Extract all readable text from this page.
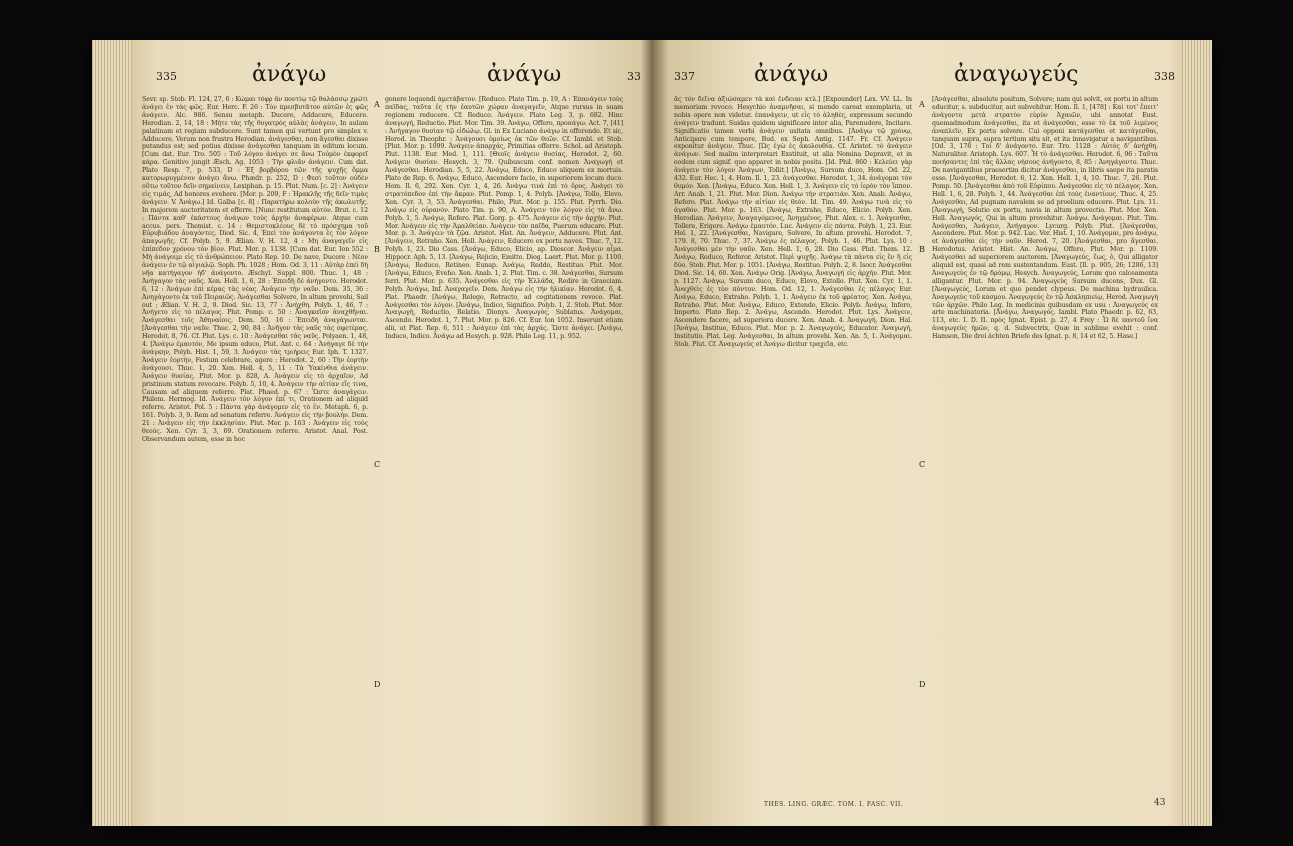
335	ἀνάγω	ἀνάγω	33
Sevr. sp. Stob. Fl. 124, 27, 6 : Κώμαι τόφρ ἂν ποντίῳ τῷ θαλάσσῳ χρώτι ἀνάγει ἐν τὰς φῶς. Eur. Herc. F. 26 : Τὸν πρεσβυτᾶτον αὐτῶν ἐς φῶς ἀνάγειν. Alc. 986. Sensu metaph. Ducere, Adducere, Educere. Herodian. 2, 14, 18 : Μήτε τὰς τῆς θυγατρὸς αὐλὰς ἀνάγειν, In aulam palatinam et regiam subducere. Sunt tamen qui vertunt pro simplex v. Adducere. Verum non frustra Herodian. ἀνάγεσθαι, non ἄγεσθαι dixisse putandus est; sed potius dixisse ἀνάγεσθαι tanquam in editum locum. [Cum dat. Eur. Tro. 505 : Τοῦ λόγου ἀνάγει σε ἄνω Τοὐμὸν ἐκφορεῖ κάρα. Genitivo jungit Æsch. Ag. 1053 : Τὴν φλιᾶν ἀνάγειν. Cum dat. Plato Resp. 7, p. 533, D : Ἐξ βορβόρου τῶν τῆς ψυχῆς ὄμμα κατορωρυγμένον ἀνάγει ἄνω. Phædr. p. 252, D : Φεσὶ τοῦτον οὐδὲν οὕτω τοῦτον δεῖν σημαίνειν, Lexiphan. p. 15. Plut. Num. [c. 2] : Ἀνάγειν εἰς τιμάς, Ad honores evehere. [Mor. p. 209, F : Ἡρακλῆς τῆς δεῖν τιμὰς ἀνάγειν. V. Ἀνάγω.] Id. Galba [c. 8] : Παρατήρω κολούν τῆς ἀκωλυτῆς. In majorem auctoritatem et efferre. [Nunc restitutum αὐτὸν. Brut. c. 12 : Πάντα καθ' ἑκάστους ἀνάγων τοὺς ἀρχὴν ἀναφέρων. Atque cum accus. pers. Themist. c. 14 : Θεμιστοκλέους δὲ τὸ πρόσχημα τοῦ Εὐρυβιάδου ἀναγόντες. Diod. Sic. 4, Ἐπεὶ τὸν ἀνάγοντα ἐς τὸν λόγον ἀπαγωγῆς. Cf. Polyb. 5, 9. Ælian. V. H. 12, 4 : Μη ἀναγαγεῖν εἰς ἐπίπεδον χρόνου τὸν βίον. Plut. Mor. p. 1138. [Cum dat. Eur. Ion 552 : Μὴ ἀνάγοιμι εἰς τὸ ἀνθρώπειον. Plato Rep. 10. De nave, Ducere : Νέον ἀνάγειν ἐν τῷ αἰγιαλῷ. Soph. Ph. 1028 ; Hom. Od. 3, 11 : Αὐτὰρ ἐπεὶ δὴ νῆα κατήγαγον ἠδ' ἀνάγοντο. Æschyl. Suppl. 800. Thuc. 1, 48 : Ἀνήγαγον τὰς ναῦς. Xen. Hell. 1, 6, 28 : Ἐπειδὴ δὲ ἀνήγοντο. Herodot. 6, 12 : Ἀνάγων ἐπὶ κέρας τὰς νέας. Ἀνάγειν τὴν ναῦν. Dem. 35, 36 : Ἀνηγάγοντο ἐκ τοῦ Πειραιῶς. Ἀνάγεσθαι Solvere, In altum provehi, Sail out ; Ælian. V. H. 2, 9. Diod. Sic. 13, 77 : Ἀνήχθη. Polyb. 1, 46, 7 : Ἀνήγετο εἰς τὸ πέλαγος. Plut. Pomp. c. 50 : Ἀναγκαῖον ἀναχθῆναι. Ἀνάγεσθαι τοῖς Ἀθηναίοις. Dem. 50, 16 : Ἐπειδὴ ἀναγάγωνται. [Ἀνάγεσθαι τὴν ναῦν. Thuc. 2, 90, 84 : Ἀνῆγον τὰς ναῦς τὰς σφετέρας. Herodot. 8, 76. Cf. Plut. Lys. c. 10 : Ἀνάγεσθαι τὰς ναῦς. Polyaen. 1, 48, 4. [Ἀνάγω ἐμαυτόν, Me ipsum educo, Plut. Ant. c. 64 : Ἀνήγαγε δὲ τὴν ἀνάγκην, Polyb. Hist. 1, 59, 3. Ἀνάγειν τὰς τριήρεις Eur. Iph. T. 1327. Ἀνάγειν ἑορτήν, Festum celebrare, agere : Herodot. 2, 60 : Τὴν ἑορτὴν ἀνάγουσι. Thuc. 1, 20. Xen. Hell. 4, 5, 11 : Τὰ Ὑακίνθια ἀνάγειν. Ἀνάγειν θυσίας. Plut. Mor. p. 828, A. Ἀνάγειν εἰς τὸ ἀρχαῖον, Ad pristinum statum revocare. Polyb. 5, 10, 4. Ἀνάγειν τὴν αἰτίαν εἴς τινα, Causam ad aliquem referre. Plat. Phaed. p. 67 : Ὥστε ἀναγάγειν. Philem. Hermog. Id. Ἀνάγειν τὸν λόγον ἐπί τι, Orationem ad aliquid referre. Aristot. Pol. 5 : Πάντα γὰρ ἀνάγομεν εἰς τὸ ἓν. Metaph. 6, p. 161. Polyb. 3, 9. Rem ad senatum referre. Ἀνάγειν εἰς τὴν βουλήν. Dem. 21 : Ἀνάγειν εἰς τὴν ἐκκλησίαν. Plut. Mor. p. 163 : Ἀνάγειν εἰς τοὺς θεούς. Xen. Cyr. 3, 3, 69. Orationem referre. Aristot. Anal. Post. Observandum autem, esse in hoc
A
B
C
D
genere loquendi ἀμετάβατον. [Reduco. Plato Tim. p. 19, A : Ἐπανάγειν τοὺς παῖδας, ταῦτα ἐς τὴν ἑαυτῶν χώραν ἀναγαγεῖν, Atque rursus in suam regionem reducere. Cf. Reduco. Ἀνάγειν. Plato Leg. 3, p. 682. Hinc ἀναγωγή, Reductio. Plut. Mor. Tim. 39. Ἀνάγω, Offero, προσάγω. Act. 7, [41] : Ἀνήγαγον θυσίαν τῷ εἰδώλῳ. Gl. in Ex Luciano ἀνάγω in offerendo. Et sic, Herod. in Theophr. : Ἀνάγουσι ὁμοίως ὁκ τῶν θεῶν. Cf. Iambl. et Stob. [Plut. Mor. p. 1099. Ἀνάγειν ἀπαρχάς, Primitias offerre. Schol. ad Aristoph. Plut. 1138. Eur. Med. 1, 111. [Θεοῖς ἀνάγειν θυσίας, Herodot. 2, 60. Ἀνάγειν θυσίαν. Hesych. 3, 79. Quibuscum conf. nomen Ἀναγωγή et Ἀνάγεσθαι. Herodian. 5, 5, 22. Ἀνάγω, Educo, Educo aliquem ex mortuis. Plato de Rep. 6. Ἀνάγω, Educo, Ascendere facio, in superiorem locum duco. Hom. Il. 6, 292. Xen. Cyr. 1, 4, 26. Ἀνάγω τινὰ ἐπὶ τὸ ὄρος. Ἀνάγει τὸ στρατόπεδον ἐπὶ τὴν ἄκραν. Plut. Pomp. 1, 4. Polyb. [Ἀνάγω, Tollo, Elevo. Xen. Cyr. 3, 3, 53. Ἀνάγεσθαι. Philo, Plut. Mor. p. 155. Plut. Pyrrh. Dio. Ἀνάγω εἰς οὐρανόν. Plato Tim. p. 90, A. Ἀνάγειν τὸν λόγον εἰς τὰ ἄνω. Polyb. 1, 5. Ἀνάγω, Refero. Plat. Gorg. p. 475. Ἀνάγειν εἰς τὴν ἀρχήν. Plut. Mor. Ἀνάγειν εἰς τὴν Ἀμαλθείαν. Ἀνάγειν τὸν παῖδα, Puerum educare. Plut. Mor. p. 3. Ἀνάγειν τὰ ζῷα. Aristot. Hist. An. Ἀνάγειν, Adducere. Plut. Ant. [Ἀνάγειν, Retraho. Xen. Hell. Ἀνάγειν, Educere ex portu naves. Thuc. 7, 12. Polyb. 1, 23. Dio Cass. [Ἀνάγω, Educo, Elicio, ap. Dioscor. Ἀνάγειν αἷμα. Hippocr. Aph. 5, 13. [Ἀνάγω, Rejicio, Emitto. Diog. Laert. Plut. Mor. p. 1100. [Ἀνάγω, Reduco, Retineo. Eunap. Ἀνάγω, Reddo, Restituo. Plut. Mor. [Ἀνάγω, Educo, Eveho. Xen. Anab. 1, 2. Plut. Tim. c. 38. Ἀνάγεσθαι, Sursum ferri. Plut. Mor. p. 635. Ἀνάγεσθαι εἰς τὴν Ἑλλάδα, Redire in Graeciam. Polyb. Ἀνάγω, Inf. Ἀναγαγεῖν. Dem. Ἀνάγω εἰς τὴν ἡλικίαν. Herodot. 6, 4. Plat. Phaedr. [Ἀνάγω, Relego, Retracto, ad cogitationem revoco. Plat. Ἀνάγεσθαι τὸν λόγον. [Ἀνάγω, Indico, Significo. Polyb. 1, 2. Stob. Plut. Mor. Ἀναγωγή, Reductio, Relatio. Dionys. Ἀναγωγὸς, Sublatus. Ἀνάγομαι, Ascendo. Herodot. 1, 7. Plut. Mor. p. 826. Cf. Eur. Ion 1052. Inserunt etiam alii, ut Plat. Rep. 6, 511 : Ἀνάγειν ἐπὶ τὰς ἀρχάς. Ὥστε ἀνάγει. [Ἀνάγω, Induco, Indico. Ἀνάγω ad Hesych. p. 928. Philo Leg. 11, p. 952.
337	ἀνάγω	ἀναγωγεύς	338
ἃς τὸν δεῖνα ἀξιώσαμεν τὰ καὶ ἔνδειαν κτλ.] [Expounder] Lex. VV. LL. In memoriam revoco. Hesychio ἀναμνῆσαι, si mendo careat exemplaria, ut nobis opere non videtur. ἐπανάγειν, ut εἰς τὸ ἀληθὲς, expressum secundo ἀνάγειν tradunt. Suidas quidem significare inter alia, Parenudere, Incitare. Significatio tamen verbi ἀνάγειν usitata omnibus. [Ἀνάγω τῷ χρόνῳ, Anticipare cum tempore, Bud. ex Soph. Antig. 1147. Fr. Cf. Ἀνάγειν exponitur ἀνάγειν. Thuc. [Ὡς ἐγὼ ἐς ἀκολουθία. Cf. Aristot. τὸ ἀνάγειν ἀνάγων. Sed malim interpretari Exstituit, ut alia Nomina Depravit, et in eodem cum signif. quo apparet in nobis posita. [Id. Phil. 860 : Κελεύει γὰρ ἀνάγειν τὸν λόγον Ἀνάγων, Tollit.] [Ἀνάγω, Sursum duco, Hom. Od. 22, 432. Eur. Hec. 1, 4. Hom. Il. 1, 23. ἀνάγεσθαι. Herodot. 1, 34. ἀνάγομαι τὸν θυμόν. Xen. [Ἀνάγω, Educo. Xen. Hell. 1, 3. Ἀνάγειν εἰς τὸ ἱερὸν τὸν ἵππον. Arr. Anab. 1, 21. Plut. Mor. Dion. Ἀνάγω τὴν στρατιάν. Xen. Anab. Ἀνάγω, Refero. Plat. Ἀνάγω τὴν αἰτίαν εἰς θεόν. Id. Tim. 49. Ἀνάγω τινὰ εἰς τὸ ἀγαθόν. Plut. Mor. p. 163. [Ἀνάγω, Extraho, Educo, Elicio. Polyb. Xen. Herodian. Ἀνάγειν, Ἀναγαγόμενος, Ἀνηγμένος. Plut. Alex. c. 1. Ἀνάγεσθαι, Tollere, Erigere. Ἀνάγω ἐμαυτόν. Luc. Ἀνάγειν εἰς πάντα. Polyb. 1, 23. Eur. Hel. 1, 22. [Ἀνάγεσθαι, Navigare, Solvere, In altum provehi. Herodot. 7, 179. 8, 70. Thuc. 7, 37. Ἀνάγω ἐς πέλαγος. Polyb. 1, 46. Plut. Lys. 10 : Ἀνάγεσθαι μὲν τὴν ναῦν. Xen. Hell. 1, 6, 28. Dio Cass. Plut. Them. 12. Ἀνάγω, Reduco, Referor. Aristot. Περὶ ψυχῆς. Ἀνάγω τὰ πάντα εἰς ἓν ἢ εἰς δύο. Stob. Plut. Mor. p. 1051. [Ἀνάγω, Restituo. Polyb. 2, 8. Isocr. Ἀνάγεσθαι Diod. Sic. 14, 60. Xen. Ἀνάγω Orig. [Ἀνάγω, Ἀναγωγή εἰς ἀρχήν. Plut. Mor. p. 1127. Ἀνάγω, Sursum duco, Educo, Elevo, Extollo. Plut. Xen. Cyr. 1, 1. Ἀναχθεὶς ἐς τὸν πόντον. Hom. Od. 12, 1. Ἀνάγεσθαι ἐς πέλαγος Eur. Ἀνάγω, Educo, Extraho. Polyb. 1, 1. Ἀνάγειν ἐκ τοῦ φρέατος. Xen. Ἀνάγω, Retraho. Plut. Mor. Ἀνάγω, Educo, Extendo, Elicio. Polyb. Ἀνάγω, Infero, Imperto. Plato Rep. 2. Ἀνάγω, Ascendo. Herodot. Plut. Lys. Ἀνάγειν, Ascendere facere, ad superiora ducere. Xen. Anab. 4. Ἀναγωγή. Dion. Hal. [Ἀνάγω, Instituo, Educo. Plut. Mor. p. 2. Ἀναγωγεύς, Educator. Ἀναγωγή, Institutio. Plat. Leg. Ἀνάγεσθαι, In altum provehi. Xen. An. 5, 1. Ἀνάγομαι. Stob. Plut. Cf. Ἀναγωγεύς et Ἀνάγω dicitur τραχεῖα, etc.
A
B
C
D
[Ἀνάγεσθαι, absolute positum, Solvere; nam qui solvit, ex portu in altum educitur, s. subducitur, aut subvehitur. Hom. Il. 1, [478] : Καὶ τοτ' ἔπειτ' ἀνάγοντο μετὰ στρατὸν εὐρὺν Ἀχαιῶν, ubi annotat Eust. quemadmodum ἀνάγεσθαι, ita et ἀνάγεσθαι, esse τὸ ἐκ τοῦ λιμένος ἀναπλεῖν, Ex portu solvere. Cui opponi κατάγεσθαι et κατάγεσθαι, tanquam supra, supra tertium situ sit, et ita innavigatur a navigantibus. [Od. 3, 178 : Τοὶ δ' ἀνάγοντο. Eur. Tro. 1128 : Αὐτὸς δ' ἀνήχθη. Naturaliter. Aristoph. Lys. 607. Ἦ τὸ ἀνάγεσθαι. Herodot. 6, 96 : Ταῦτα ποιήσαντες ἐπὶ τὰς ἄλλας νήσους ἀνήγοντο, 8, 85 : Ἀνηγάγοντο. Thuc. De navigantibus praesertim dicitur ἀνάγεσθαι, in libris saepe ita paratis esse. [Ἀνάγεσθαι, Herodot. 6, 12. Xen. Hell. 1, 4, 10. Thuc. 7, 26. Plut. Pomp. 50. [Ἀνάγεσθαι ἀπὸ τοῦ Εὐρίπου. Ἀνάγεσθαι εἰς τὸ πέλαγος. Xen. Hell. 1, 6, 28. Polyb. 1, 44. Ἀνάγεσθαι ἐπὶ τοὺς ἐναντίους. Thuc. 4, 25. Ἀνάγεσθαι, Ad pugnam navalem se ad proelium educere. Plut. Lys. 11. [Ἀναγωγή, Solutio ex portu, navis in altum provectio. Plut. Mor. Xen. Hell. Ἀναγωγός, Qui in altum provehitur. Ἀνάγω. Ἀνάγομαι. Plut. Tim. Ἀνάγεσθαι, Ἀνάγειν, Ἀνήγαγον. Lycurg. Polyb. Plut. [Ἀνάγεσθαι, Ascendere. Plut. Mor. p. 942. Luc. Ver. Hist. 1, 10. Ἀνάγομαι, pro ἀνάγω, et ἀνάγεσθαι εἰς τὴν ναῦν. Herod. 7, 20. [Ἀνάγεσθαι, pro ἄγεσθαι. Herodotus. Aristot. Hist. An. Ἀνάγω, Offero, Plut. Mor. p. 1109. Ἀνάγεσθαι ad superiorem auctorem. [Ἀναγωγεύς, ἔως, ὁ, Qui alligator aliquid est, quasi ad rem sustentandam. Eust. [Il. p. 905, 26; 1286, 13] Ἀναγωγεὺς ἐν τῷ δρόμῳ, Hesych. Ἀναγωγεύς, Lorum quo calceamenta alligantur. Plut. Mor. p. 94. Ἀναγωγεὺς Sursum ducens, Dux. Gl. [Ἀναγωγεύς, Lorum et quo pendet clypeus. De machina hydraulica. Ἀναγωγεὺς τοῦ κόσμου. Ἀναγωγεύς ἐν τῷ Ἀσκληπιείῳ, Herod. Ἀναγωγὴ τῶν ἀρχῶν. Philo Leg. In medicinis quibusdam ex usu : Ἀναγωγεύς ex arte machinatoria. [Ἀνάγω, Ἀναγωγός. Iambl. Plato Phaedr. p. 62, 63, 113, etc. I. D. II. πρὸς Ignat. Epist. p. 27, 4 Frey : Ὧ δὲ παντοῦ ἵνα ἀναγωγεὺς ἡμῶν, q. d. Subvectrix, Quæ in sublime evehit : conf. Hamson, Die drei ächten Briefe des Ignat. p. 8, 14 et 62, 5. Hase.]
THES. LING. GRÆC. TOM. I. FASC. VII.	43
